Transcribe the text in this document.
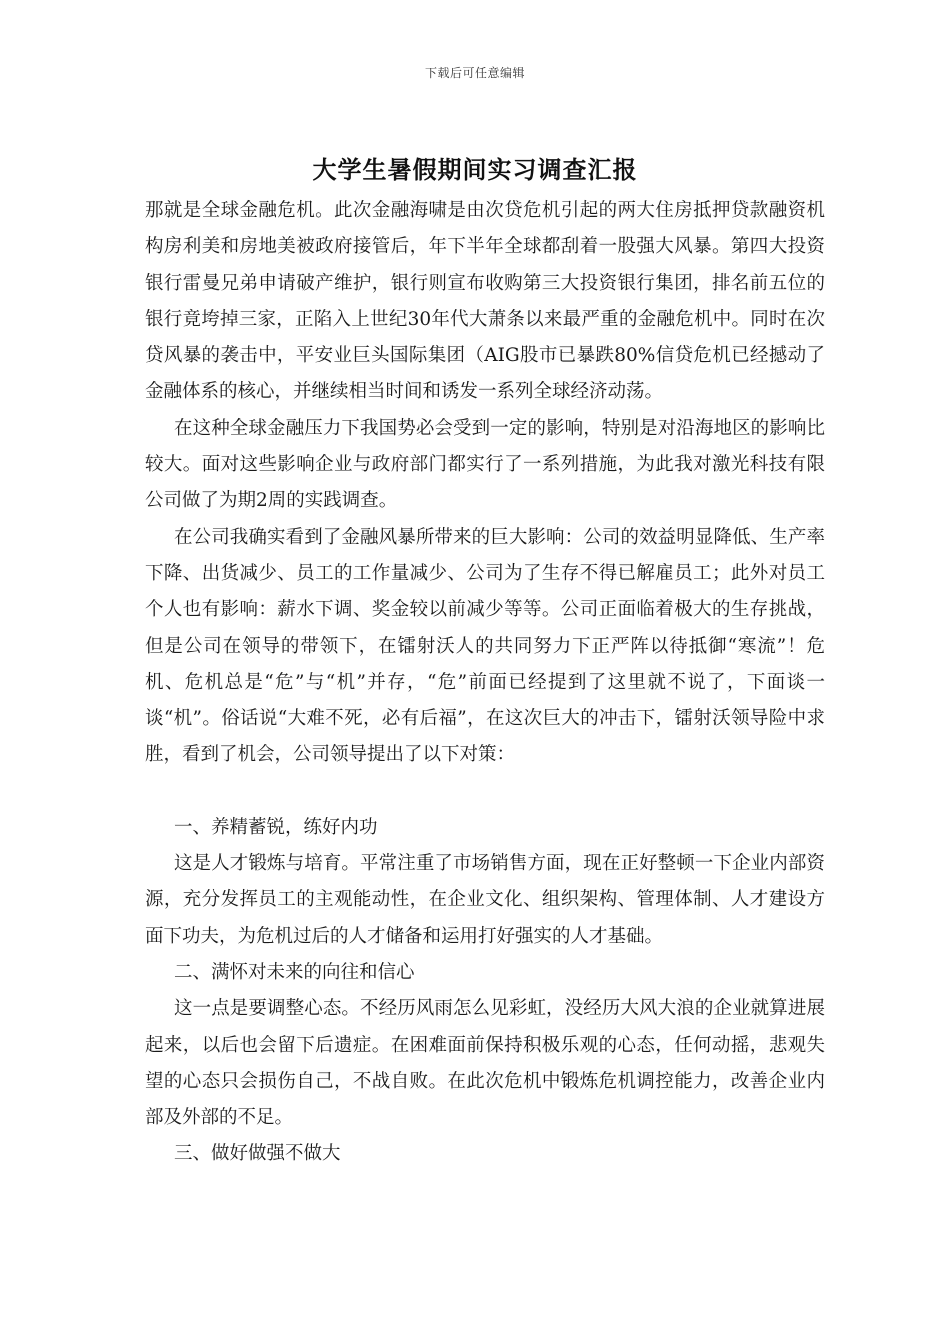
下载后可任意编辑
大学生暑假期间实习调查汇报

那就是全球金融危机。此次金融海啸是由次贷危机引起的两大住房抵押贷款融资机构房利美和房地美被政府接管后，年下半年全球都刮着一股强大风暴。第四大投资银行雷曼兄弟申请破产维护，银行则宣布收购第三大投资银行集团，排名前五位的银行竟垮掉三家，正陷入上世纪30年代大萧条以来最严重的金融危机中。同时在次贷风暴的袭击中，平安业巨头国际集团（AIG股市已暴跌80%信贷危机已经撼动了金融体系的核心，并继续相当时间和诱发一系列全球经济动荡。

在这种全球金融压力下我国势必会受到一定的影响，特别是对沿海地区的影响比较大。面对这些影响企业与政府部门都实行了一系列措施，为此我对激光科技有限公司做了为期2周的实践调查。

在公司我确实看到了金融风暴所带来的巨大影响：公司的效益明显降低、生产率下降、出货减少、员工的工作量减少、公司为了生存不得已解雇员工；此外对员工个人也有影响：薪水下调、奖金较以前减少等等。公司正面临着极大的生存挑战，但是公司在领导的带领下，在镭射沃人的共同努力下正严阵以待抵御“寒流”！危机、危机总是“危”与“机”并存，“危”前面已经提到了这里就不说了，下面谈一谈“机”。俗话说“大难不死，必有后福”，在这次巨大的冲击下，镭射沃领导险中求胜，看到了机会，公司领导提出了以下对策：

一、养精蓄锐，练好内功

这是人才锻炼与培育。平常注重了市场销售方面，现在正好整顿一下企业内部资源，充分发挥员工的主观能动性，在企业文化、组织架构、管理体制、人才建设方面下功夫，为危机过后的人才储备和运用打好强实的人才基础。

二、满怀对未来的向往和信心

这一点是要调整心态。不经历风雨怎么见彩虹，没经历大风大浪的企业就算进展起来，以后也会留下后遗症。在困难面前保持积极乐观的心态，任何动摇，悲观失望的心态只会损伤自己，不战自败。在此次危机中锻炼危机调控能力，改善企业内部及外部的不足。

三、做好做强不做大
